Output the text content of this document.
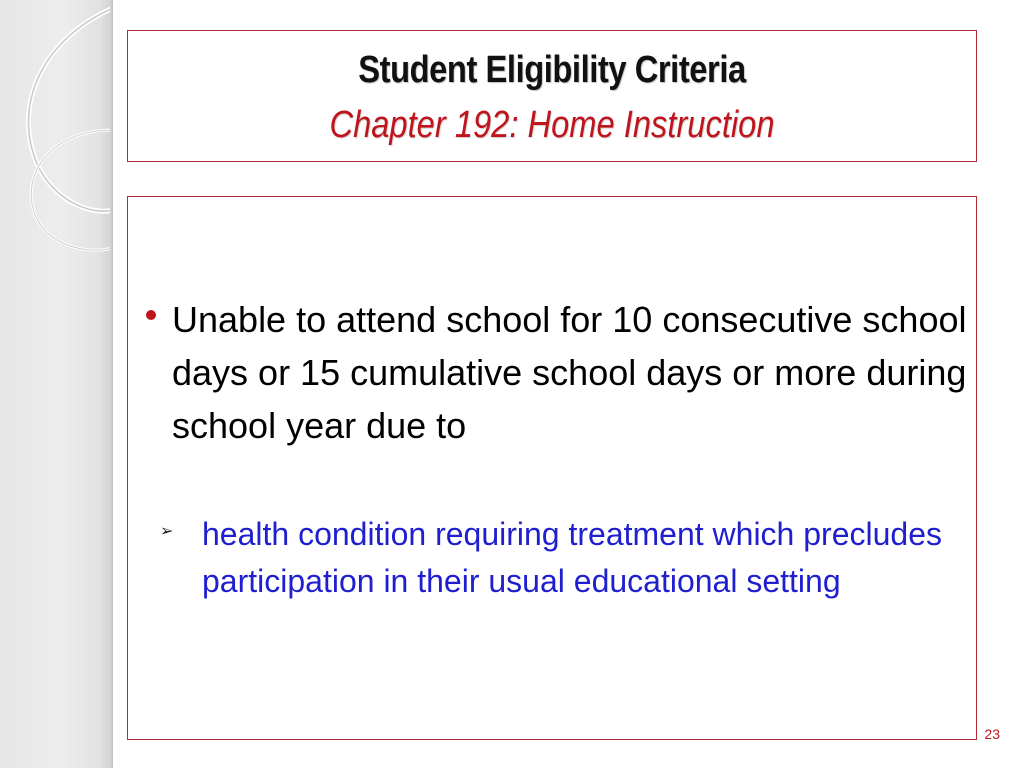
Student Eligibility Criteria
Chapter 192: Home Instruction
Unable to attend school for 10 consecutive school days or 15 cumulative school days or more during school year due to
➢ health condition requiring treatment which precludes participation in their usual educational setting
23
